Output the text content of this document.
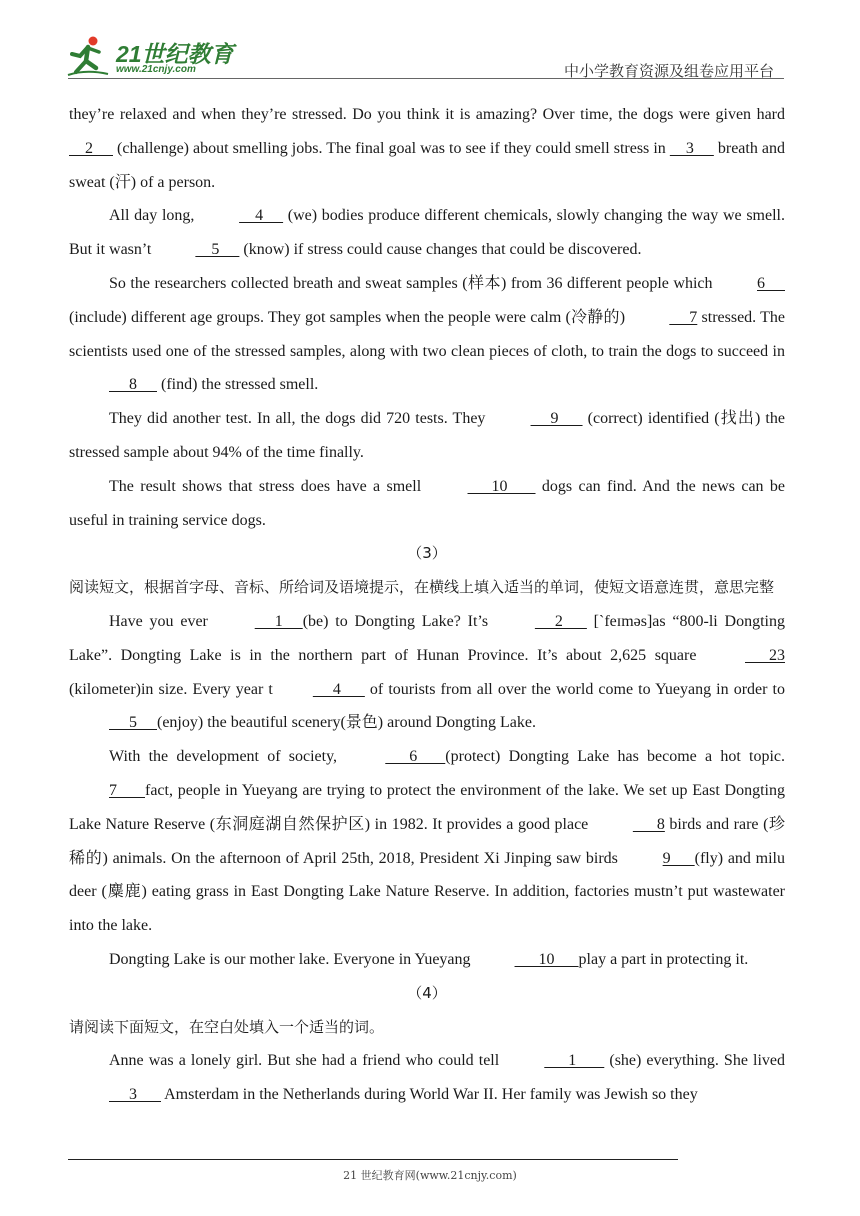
21世纪教育
www.21cnjy.com	中小学教育资源及组卷应用平台

they’re relaxed and when they’re stressed. Do you think it is amazing? Over time, the dogs were given hard     2      (challenge) about smelling jobs. The final goal was to see if they could smell stress in     3      breath and sweat (汗) of a person.

All day long,	4      (we) bodies produce different chemicals, slowly changing the way we smell. But it wasn’t	5      (know) if stress could cause changes that could be discovered.

So the researchers collected breath and sweat samples (样本) from 36 different people which	6      (include) different age groups. They got samples when the people were calm (冷静的)	7 stressed. The scientists used one of the stressed samples, along with two clean pieces of cloth, to train the dogs to succeed in      8      (find) the stressed smell.

They did another test. In all, the dogs did 720 tests. They	9       (correct) identified (找出) the stressed sample about 94% of the time finally.

The result shows that stress does have a smell	10        dogs can find. And the news can be useful in training service dogs.

（3）

阅读短文，根据首字母、音标、所给词及语境提示，在横线上填入适当的单词，使短文语意连贯，意思完整

Have you ever	1     (be) to Dongting Lake? It’s	2       [`feɪməs]as “800-li Dongting Lake”. Dongting Lake is in the northern part of Hunan Province. It’s about 2,625 square	23 (kilometer)in size. Every year t	4       of tourists from all over the world come to Yueyang in order to      5     (enjoy) the beautiful scenery(景色) around Dongting Lake.

With the development of society,	6       (protect) Dongting Lake has become a hot topic. 7       fact, people in Yueyang are trying to protect the environment of the lake. We set up East Dongting Lake Nature Reserve (东洞庭湖自然保护区) in 1982. It provides a good place	8 birds and rare (珍稀的) animals. On the afternoon of April 25th, 2018, President Xi Jinping saw birds	9      (fly) and milu deer (麋鹿) eating grass in East Dongting Lake Nature Reserve. In addition, factories mustn’t put wastewater into the lake.

Dongting Lake is our mother lake. Everyone in Yueyang	10      play a part in protecting it.

（4）

请阅读下面短文，在空白处填入一个适当的词。

Anne was a lonely girl. But she had a friend who could tell	1        (she) everything. She lived      3       Amsterdam in the Netherlands during World War II. Her family was Jewish so they

21 世纪教育网(www.21cnjy.com)
